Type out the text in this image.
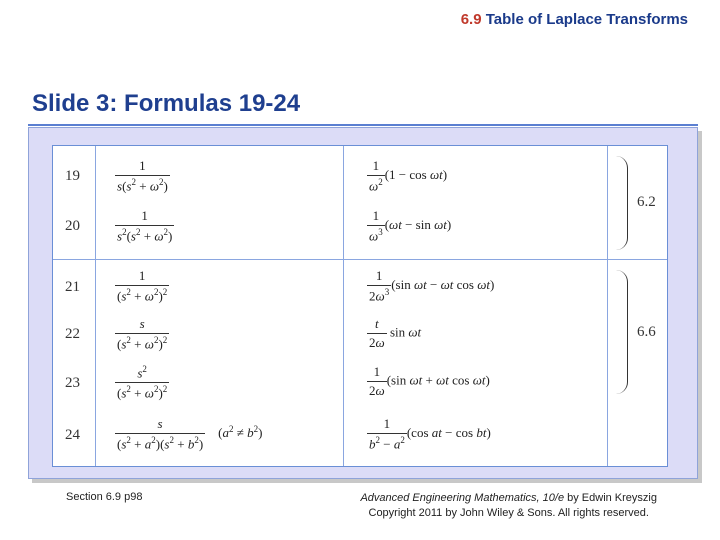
6.9 Table of Laplace Transforms
Slide 3: Formulas 19-24
19
20
21
22
23
24
$\frac{1}{s(s^2 + \omega^2)}$
$\frac{1}{s^2(s^2 + \omega^2)}$
$\frac{1}{(s^2 + \omega^2)^2}$
$\frac{s}{(s^2 + \omega^2)^2}$
$\frac{s^2}{(s^2 + \omega^2)^2}$
$\frac{s}{(s^2 + a^2)(s^2 + b^2)} (a^2 \ne b^2)$
$\frac{1}{\omega^2} (1 - \cos \omega t)$
$\frac{1}{\omega^3} (\omega t - \sin \omega t)$
$\frac{1}{2\omega^3} (\sin$ ωt − ωt cos ωt)
$\frac{t}{2\omega}$ sin ωt
$\frac{1}{2\omega} (\sin$ ωt + ωt cos ωt)
$\frac{1}{b^2 - a^2} (\cos$ at − cos bt)
6.2
6.6
Section 6.9 p98	Advanced Engineering Mathematics, 10/e by Edwin Kreyszig
Copyright 2011 by John Wiley & Sons. All rights reserved.
